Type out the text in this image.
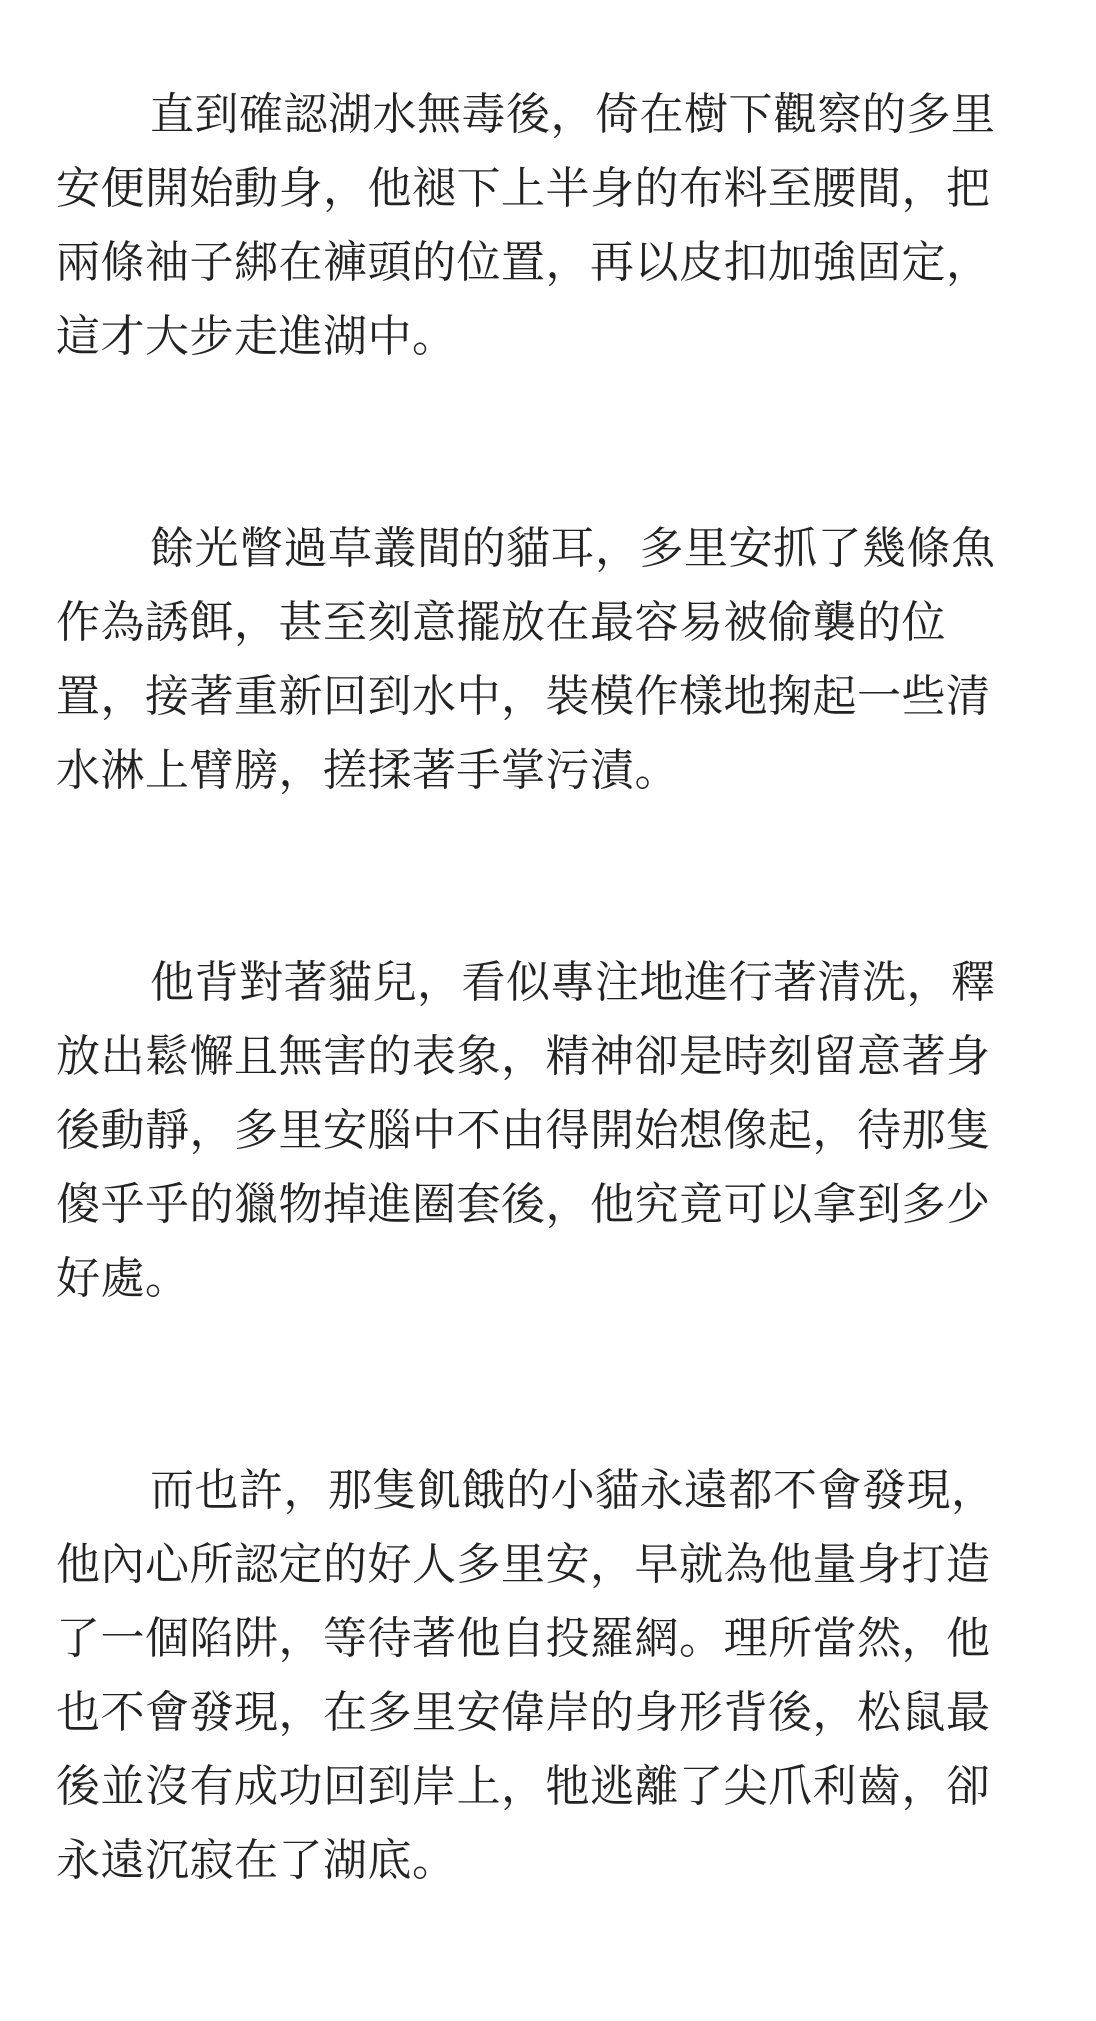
直到確認湖水無毒後，倚在樹下觀察的多里安便開始動身，他褪下上半身的布料至腰間，把兩條袖子綁在褲頭的位置，再以皮扣加強固定，這才大步走進湖中。

餘光瞥過草叢間的貓耳，多里安抓了幾條魚作為誘餌，甚至刻意擺放在最容易被偷襲的位置，接著重新回到水中，裝模作樣地掬起一些清水淋上臂膀，搓揉著手掌污漬。

他背對著貓兒，看似專注地進行著清洗，釋放出鬆懈且無害的表象，精神卻是時刻留意著身後動靜，多里安腦中不由得開始想像起，待那隻傻乎乎的獵物掉進圈套後，他究竟可以拿到多少好處。

而也許，那隻飢餓的小貓永遠都不會發現，他內心所認定的好人多里安，早就為他量身打造了一個陷阱，等待著他自投羅網。理所當然，他也不會發現，在多里安偉岸的身形背後，松鼠最後並沒有成功回到岸上，牠逃離了尖爪利齒，卻永遠沉寂在了湖底。
